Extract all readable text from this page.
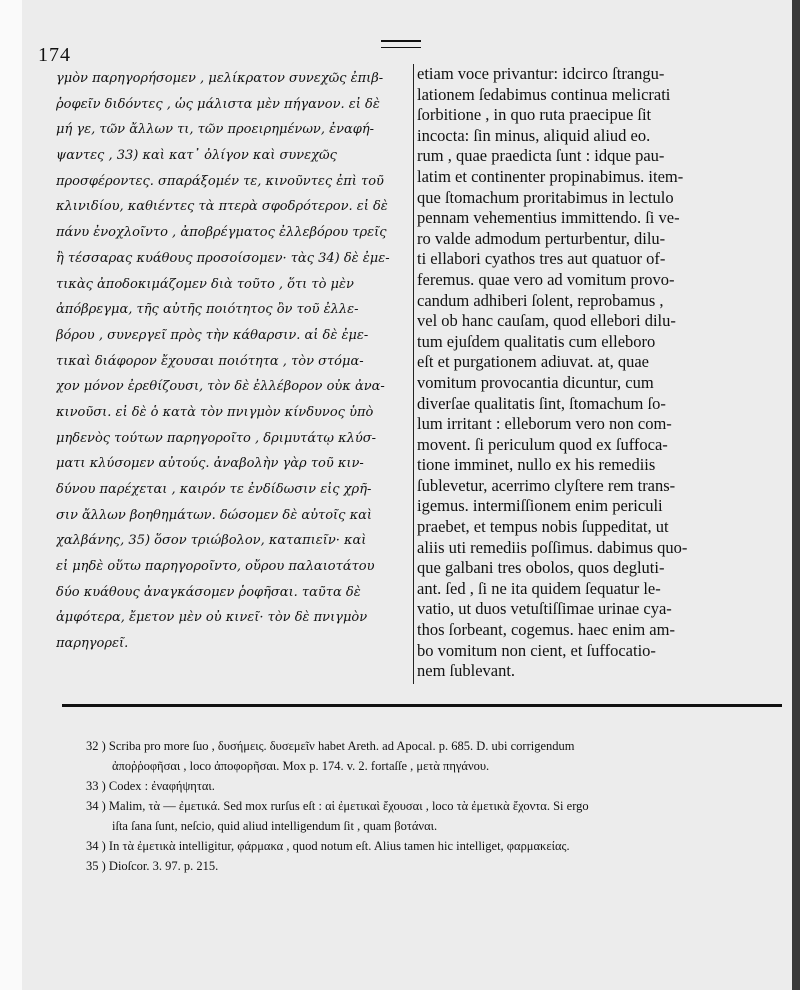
174
γμὸν παρηγορήσομεν , μελίκρατον συνεχῶς ἐπιβ-
ῥοφεῖν διδόντες , ὡς μάλιστα μὲν πήγανον. εἰ δὲ
μή γε, τῶν ἄλλων τι, τῶν προειρημένων, ἐναφή-
ψαντες , 33) καὶ κατ᾽ ὀλίγον καὶ συνεχῶς
προσφέροντες. σπαράξομέν τε, κινοῦντες ἐπὶ τοῦ
κλινιδίου, καθιέντες τὰ πτερὰ σφοδρότερον. εἰ δὲ
πάνυ ἐνοχλοῖντο , ἀποβρέγματος ἐλλεβόρου τρεῖς
ἢ τέσσαρας κυάθους προσοίσομεν· τὰς 34) δὲ ἐμε-
τικὰς ἀποδοκιμάζομεν διὰ τοῦτο , ὅτι τὸ μὲν
ἀπόβρεγμα, τῆς αὐτῆς ποιότητος ὂν τοῦ ἐλλε-
βόρου , συνεργεῖ πρὸς τὴν κάθαρσιν. αἱ δὲ ἐμε-
τικαὶ διάφορον ἔχουσαι ποιότητα , τὸν στόμα-
χον μόνον ἐρεθίζουσι, τὸν δὲ ἐλλέβορον οὐκ ἀνα-
κινοῦσι. εἰ δὲ ὁ κατὰ τὸν πνιγμὸν κίνδυνος ὑπὸ
μηδενὸς τούτων παρηγοροῖτο , δριμυτάτῳ κλύσ-
ματι κλύσομεν αὐτούς. ἀναβολὴν γὰρ τοῦ κιν-
δύνου παρέχεται , καιρόν τε ἐνδίδωσιν εἰς χρῆ-
σιν ἄλλων βοηθημάτων. δώσομεν δὲ αὐτοῖς καὶ
χαλβάνης, 35) ὅσον τριώβολον, καταπιεῖν· καὶ
εἰ μηδὲ οὕτω παρηγοροῖντο, οὔρου παλαιοτάτου
δύο κυάθους ἀναγκάσομεν ῥοφῆσαι. ταῦτα δὲ
ἀμφότερα, ἔμετον μὲν οὐ κινεῖ· τὸν δὲ πνιγμὸν
παρηγορεῖ.
etiam voce privantur: idcirco ſtrangu-
lationem ſedabimus continua melicrati
ſorbitione , in quo ruta praecipue ſit
incocta: ſin minus, aliquid aliud eo.
rum , quae praedicta ſunt : idque pau-
latim et continenter propinabimus. item-
que ſtomachum proritabimus in lectulo
pennam vehementius immittendo. ſi ve-
ro valde admodum perturbentur, dilu-
ti ellabori cyathos tres aut quatuor of-
feremus. quae vero ad vomitum provo-
candum adhiberi ſolent, reprobamus ,
vel ob hanc cauſam, quod ellebori dilu-
tum ejuſdem qualitatis cum elleboro
eſt et purgationem adiuvat. at, quae
vomitum provocantia dicuntur, cum
diverſae qualitatis ſint, ſtomachum ſo-
lum irritant : elleborum vero non com-
movent. ſi periculum quod ex ſuffoca-
tione imminet, nullo ex his remediis
ſublevetur, acerrimo clyſtere rem trans-
igemus. intermiſſionem enim periculi
praebet, et tempus nobis ſuppeditat, ut
aliis uti remediis poſſimus. dabimus quo-
que galbani tres obolos, quos degluti-
ant. ſed , ſi ne ita quidem ſequatur le-
vatio, ut duos vetuſtiſſimae urinae cya-
thos ſorbeant, cogemus. haec enim am-
bo vomitum non cient, et ſuffocatio-
nem ſublevant.
32 ) Scriba pro more ſuo , δυσήμεις. δυσεμεῖν habet Areth. ad Apocal. p. 685. D. ubi corrigendum
ἀποῤῥοφῆσαι , loco ἀποφορῆσαι. Mox p. 174. v. 2. fortaſſe , μετὰ πηγάνου.
33 ) Codex : ἐναφήψηται.
34 ) Malim, τὰ — ἐμετικά. Sed mox rurſus eſt : αἱ ἐμετικαὶ ἔχουσαι , loco τὰ ἐμετικὰ ἔχοντα. Si ergo
iſta ſana ſunt, neſcio, quid aliud intelligendum ſit , quam βοτάναι.
34 ) In τὰ ἐμετικὰ intelligitur, φάρμακα , quod notum eſt. Alius tamen hic intelliget, φαρμακείας.
35 ) Dioſcor. 3. 97. p. 215.
